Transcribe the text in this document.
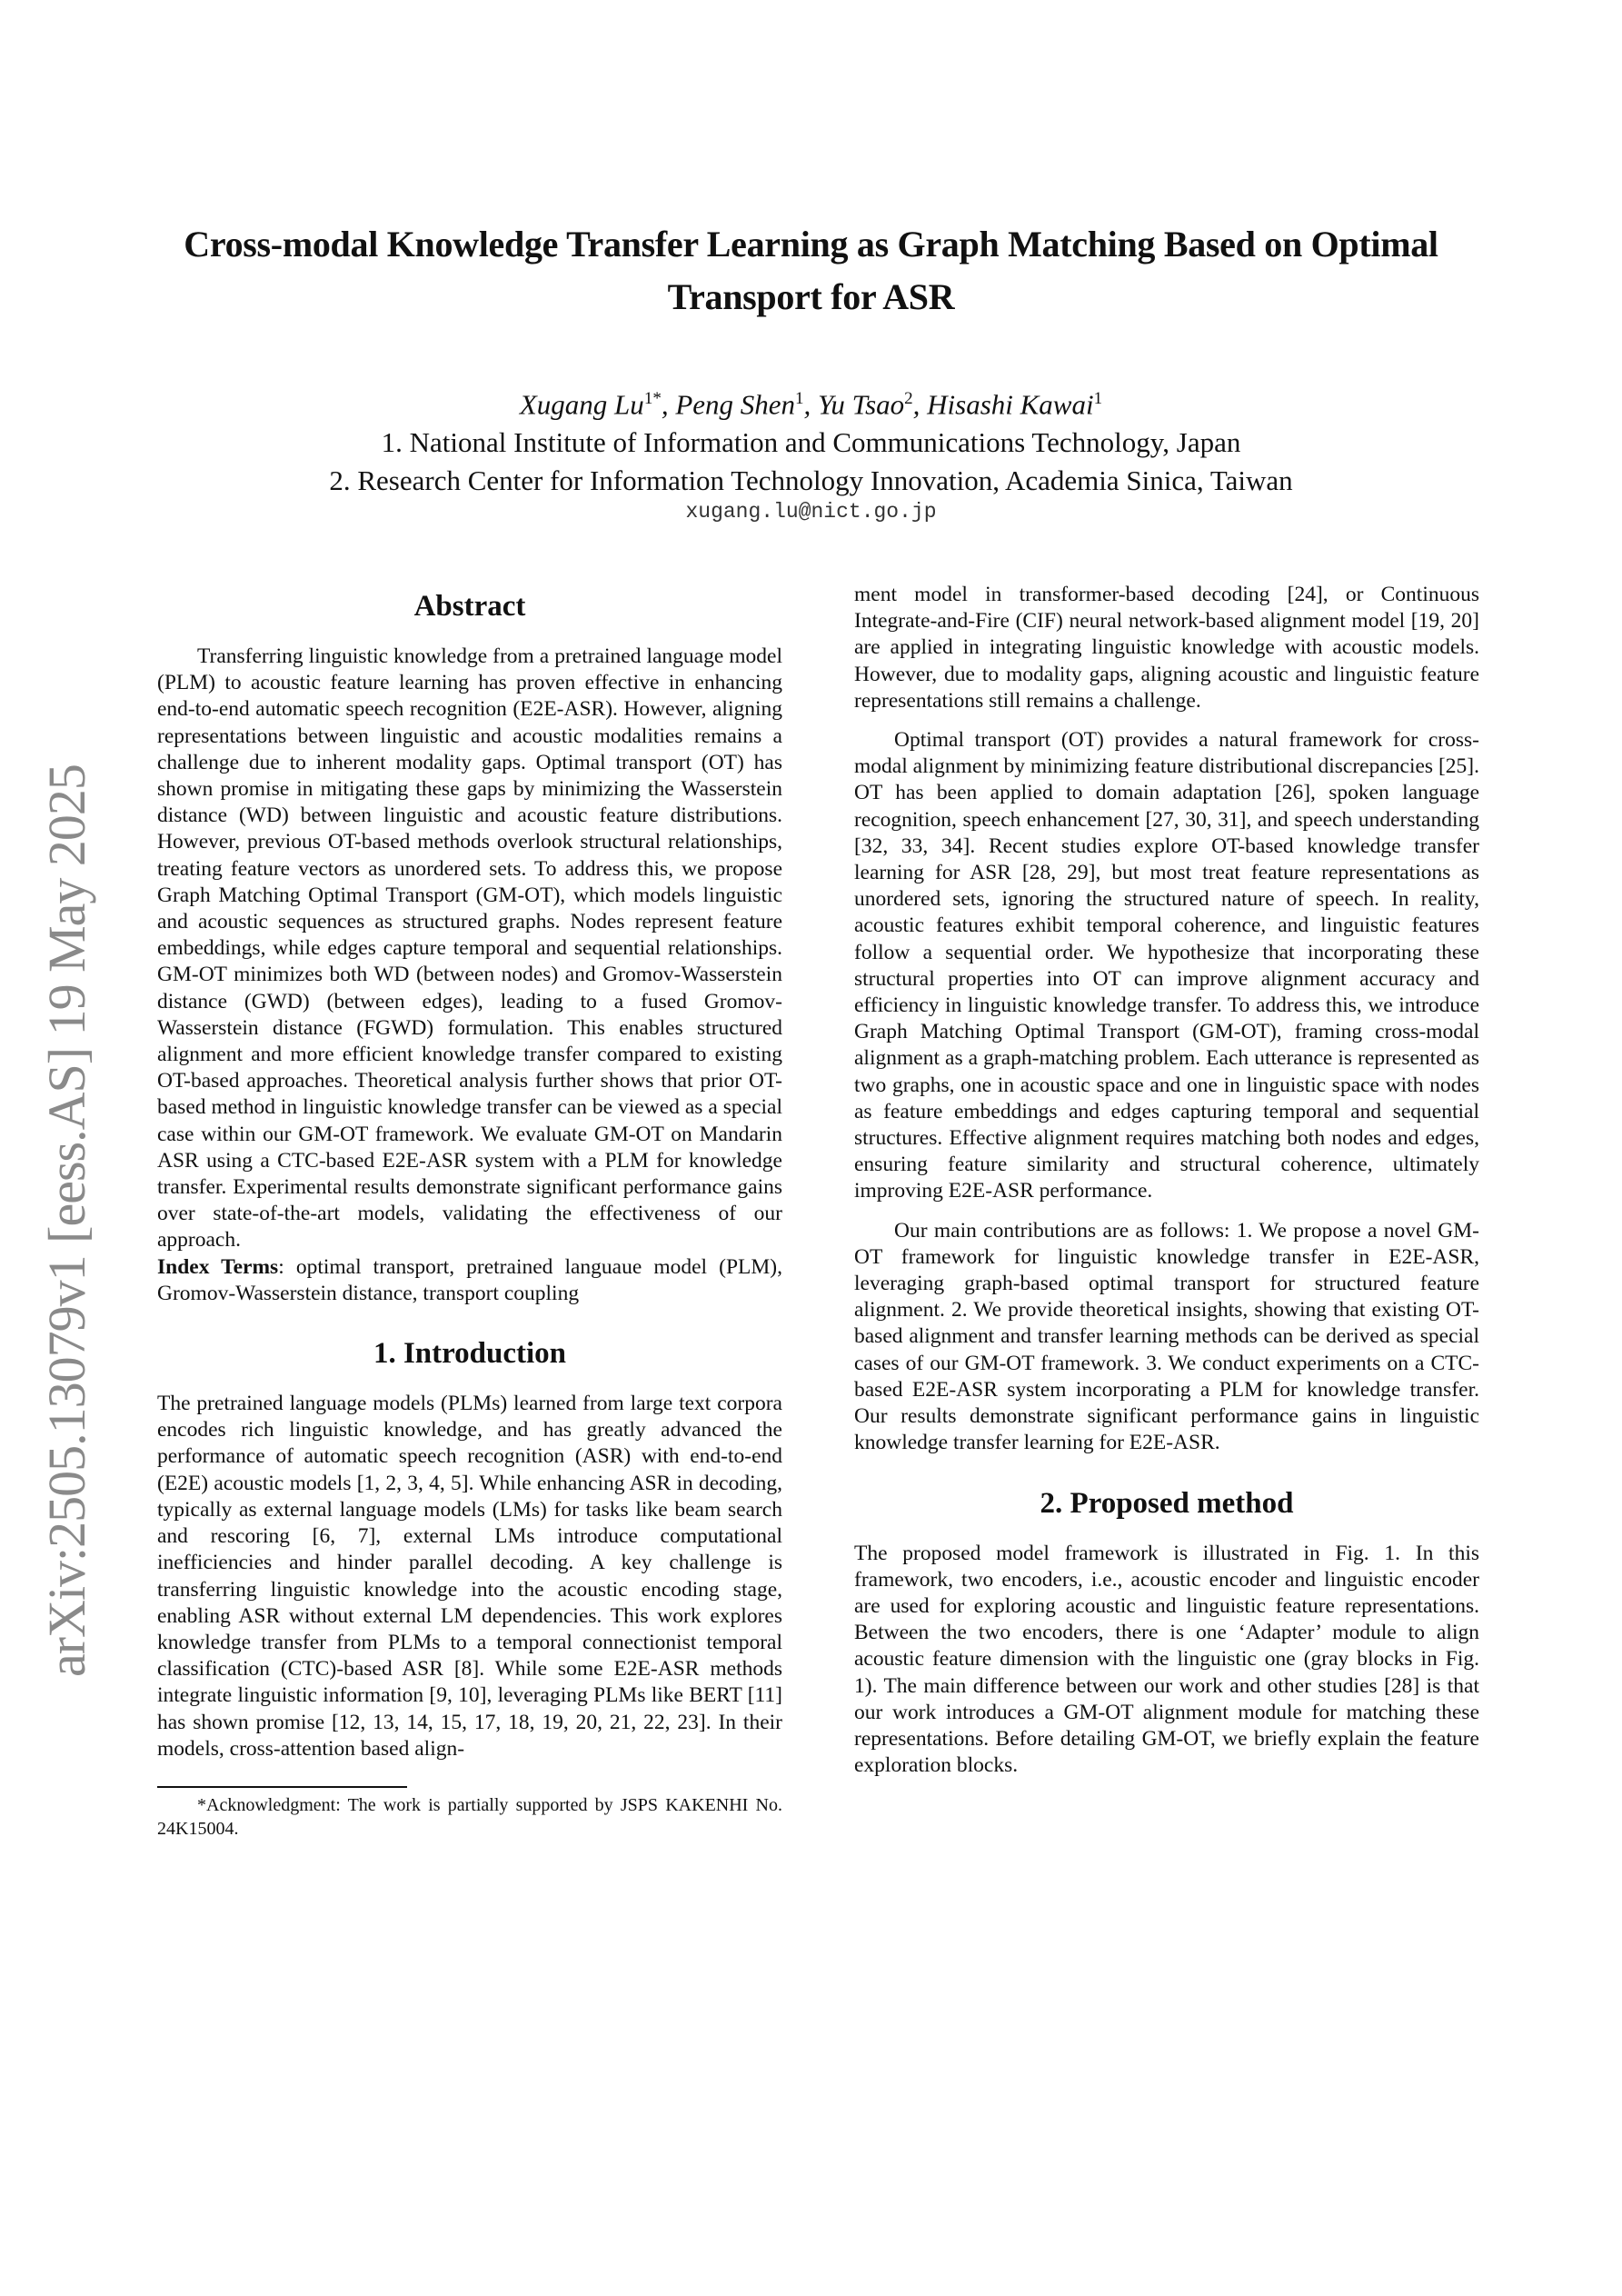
arXiv:2505.13079v1 [eess.AS] 19 May 2025
Cross-modal Knowledge Transfer Learning as Graph Matching Based on Optimal Transport for ASR
Xugang $Lu^{1*}$, Peng Shen$^1$, Yu Tsao$^2$, Hisashi Kawai$^1$
1. National Institute of Information and Communications Technology, Japan
2. Research Center for Information Technology Innovation, Academia Sinica, Taiwan
xugang.lu@nict.go.jp
Abstract

Transferring linguistic knowledge from a pretrained language model (PLM) to acoustic feature learning has proven effective in enhancing end-to-end automatic speech recognition (E2E-ASR). However, aligning representations between linguistic and acoustic modalities remains a challenge due to inherent modality gaps. Optimal transport (OT) has shown promise in mitigating these gaps by minimizing the Wasserstein distance (WD) between linguistic and acoustic feature distributions. However, previous OT-based methods overlook structural relationships, treating feature vectors as unordered sets. To address this, we propose Graph Matching Optimal Transport (GM-OT), which models linguistic and acoustic sequences as structured graphs. Nodes represent feature embeddings, while edges capture temporal and sequential relationships. GM-OT minimizes both WD (between nodes) and Gromov-Wasserstein distance (GWD) (between edges), leading to a fused Gromov-Wasserstein distance (FGWD) formulation. This enables structured alignment and more efficient knowledge transfer compared to existing OT-based approaches. Theoretical analysis further shows that prior OT-based method in linguistic knowledge transfer can be viewed as a special case within our GM-OT framework. We evaluate GM-OT on Mandarin ASR using a CTC-based E2E-ASR system with a PLM for knowledge transfer. Experimental results demonstrate significant performance gains over state-of-the-art models, validating the effectiveness of our approach.

Index Terms: optimal transport, pretrained languaue model (PLM), Gromov-Wasserstein distance, transport coupling

1. Introduction

The pretrained language models (PLMs) learned from large text corpora encodes rich linguistic knowledge, and has greatly advanced the performance of automatic speech recognition (ASR) with end-to-end (E2E) acoustic models [1, 2, 3, 4, 5]. While enhancing ASR in decoding, typically as external language models (LMs) for tasks like beam search and rescoring [6, 7], external LMs introduce computational inefficiencies and hinder parallel decoding. A key challenge is transferring linguistic knowledge into the acoustic encoding stage, enabling ASR without external LM dependencies. This work explores knowledge transfer from PLMs to a temporal connectionist temporal classification (CTC)-based ASR [8]. While some E2E-ASR methods integrate linguistic information [9, 10], leveraging PLMs like BERT [11] has shown promise [12, 13, 14, 15, 17, 18, 19, 20, 21, 22, 23]. In their models, cross-attention based align-

*Acknowledgment: The work is partially supported by JSPS KAKENHI No. 24K15004.

ment model in transformer-based decoding [24], or Continuous Integrate-and-Fire (CIF) neural network-based alignment model [19, 20] are applied in integrating linguistic knowledge with acoustic models. However, due to modality gaps, aligning acoustic and linguistic feature representations still remains a challenge.

Optimal transport (OT) provides a natural framework for cross-modal alignment by minimizing feature distributional discrepancies [25]. OT has been applied to domain adaptation [26], spoken language recognition, speech enhancement [27, 30, 31], and speech understanding [32, 33, 34]. Recent studies explore OT-based knowledge transfer learning for ASR [28, 29], but most treat feature representations as unordered sets, ignoring the structured nature of speech. In reality, acoustic features exhibit temporal coherence, and linguistic features follow a sequential order. We hypothesize that incorporating these structural properties into OT can improve alignment accuracy and efficiency in linguistic knowledge transfer. To address this, we introduce Graph Matching Optimal Transport (GM-OT), framing cross-modal alignment as a graph-matching problem. Each utterance is represented as two graphs, one in acoustic space and one in linguistic space with nodes as feature embeddings and edges capturing temporal and sequential structures. Effective alignment requires matching both nodes and edges, ensuring feature similarity and structural coherence, ultimately improving E2E-ASR performance.

Our main contributions are as follows: 1. We propose a novel GM-OT framework for linguistic knowledge transfer in E2E-ASR, leveraging graph-based optimal transport for structured feature alignment. 2. We provide theoretical insights, showing that existing OT-based alignment and transfer learning methods can be derived as special cases of our GM-OT framework. 3. We conduct experiments on a CTC-based E2E-ASR system incorporating a PLM for knowledge transfer. Our results demonstrate significant performance gains in linguistic knowledge transfer learning for E2E-ASR.

2. Proposed method

The proposed model framework is illustrated in Fig. 1. In this framework, two encoders, i.e., acoustic encoder and linguistic encoder are used for exploring acoustic and linguistic feature representations. Between the two encoders, there is one ‘Adapter’ module to align acoustic feature dimension with the linguistic one (gray blocks in Fig. 1). The main difference between our work and other studies [28] is that our work introduces a GM-OT alignment module for matching these representations. Before detailing GM-OT, we briefly explain the feature exploration blocks.
